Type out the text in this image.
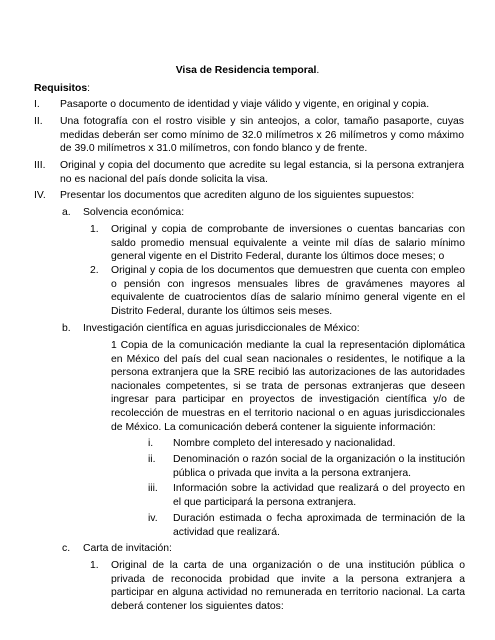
Visa de Residencia temporal.
Requisitos:
I. Pasaporte o documento de identidad y viaje válido y vigente, en original y copia.
II. Una fotografía con el rostro visible y sin anteojos, a color, tamaño pasaporte, cuyas medidas deberán ser como mínimo de 32.0 milímetros x 26 milímetros y como máximo de 39.0 milímetros x 31.0 milímetros, con fondo blanco y de frente.
III. Original y copia del documento que acredite su legal estancia, si la persona extranjera no es nacional del país donde solicita la visa.
IV. Presentar los documentos que acrediten alguno de los siguientes supuestos:
a. Solvencia económica:
1. Original y copia de comprobante de inversiones o cuentas bancarias con saldo promedio mensual equivalente a veinte mil días de salario mínimo general vigente en el Distrito Federal, durante los últimos doce meses; o
2. Original y copia de los documentos que demuestren que cuenta con empleo o pensión con ingresos mensuales libres de gravámenes mayores al equivalente de cuatrocientos días de salario mínimo general vigente en el Distrito Federal, durante los últimos seis meses.
b. Investigación científica en aguas jurisdiccionales de México:
1 Copia de la comunicación mediante la cual la representación diplomática en México del país del cual sean nacionales o residentes, le notifique a la persona extranjera que la SRE recibió las autorizaciones de las autoridades nacionales competentes, si se trata de personas extranjeras que deseen ingresar para participar en proyectos de investigación científica y/o de recolección de muestras en el territorio nacional o en aguas jurisdiccionales de México. La comunicación deberá contener la siguiente información:
i. Nombre completo del interesado y nacionalidad.
ii. Denominación o razón social de la organización o la institución pública o privada que invita a la persona extranjera.
iii. Información sobre la actividad que realizará o del proyecto en el que participará la persona extranjera.
iv. Duración estimada o fecha aproximada de terminación de la actividad que realizará.
c. Carta de invitación:
1. Original de la carta de una organización o de una institución pública o privada de reconocida probidad que invite a la persona extranjera a participar en alguna actividad no remunerada en territorio nacional. La carta deberá contener los siguientes datos:
